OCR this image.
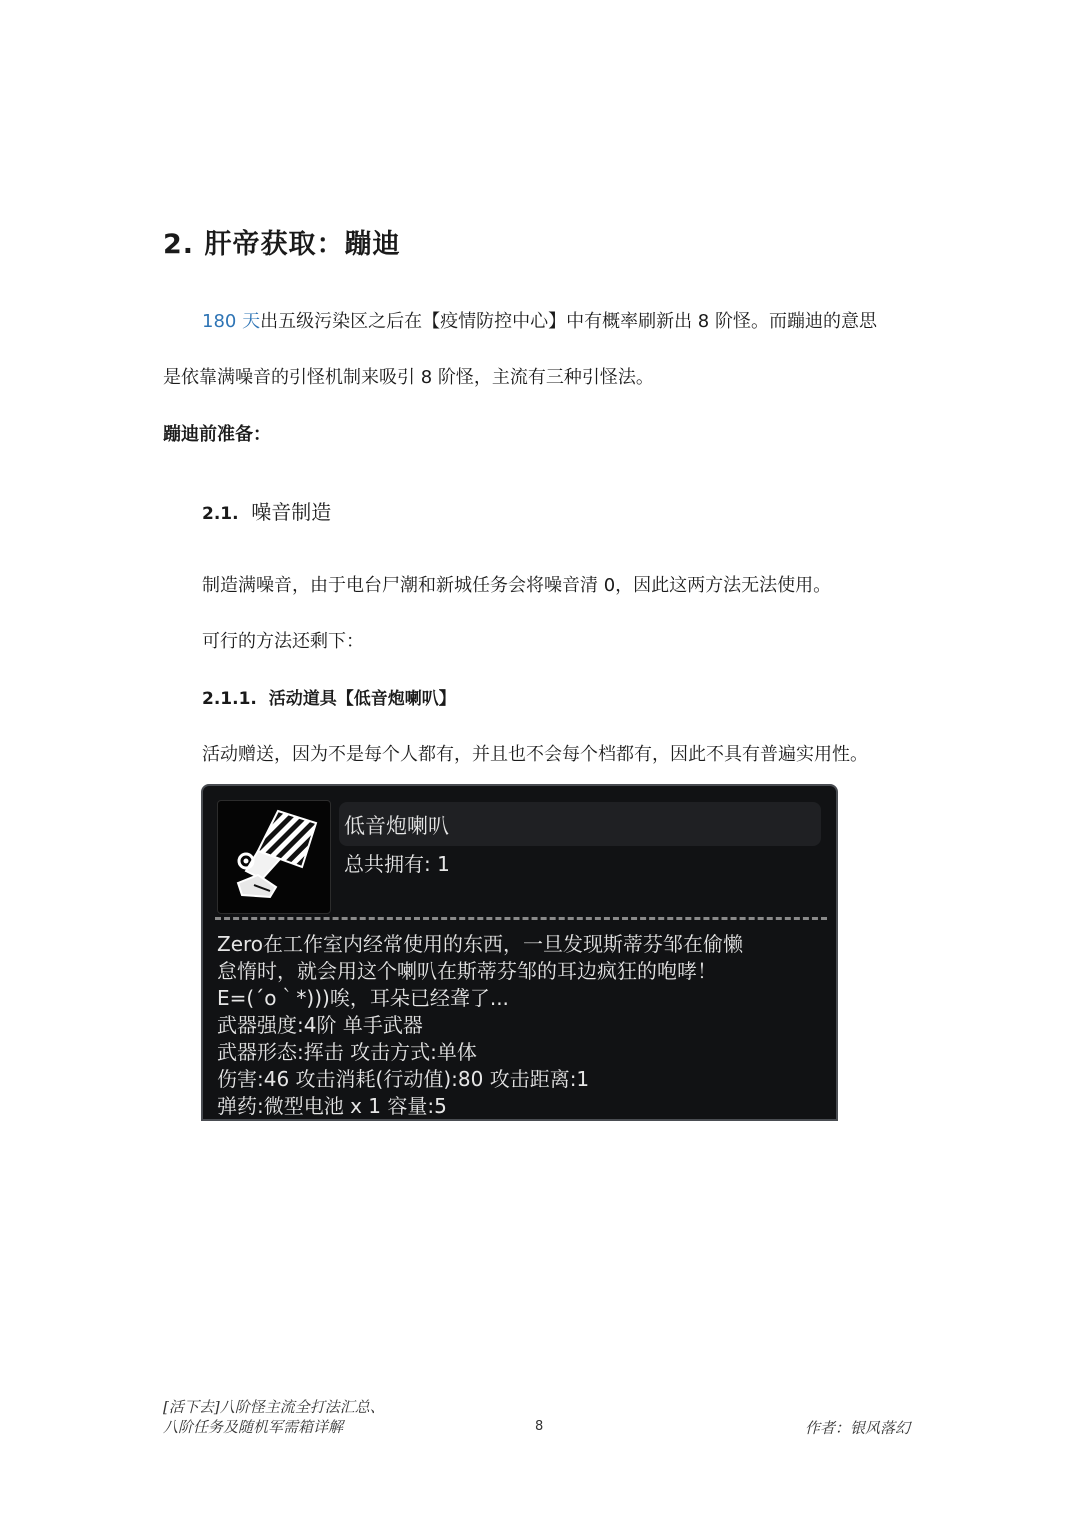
2. 肝帝获取：蹦迪
180 天出五级污染区之后在【疫情防控中心】中有概率刷新出 8 阶怪。而蹦迪的意思
是依靠满噪音的引怪机制来吸引 8 阶怪，主流有三种引怪法。
蹦迪前准备：
2.1. 噪音制造
制造满噪音，由于电台尸潮和新城任务会将噪音清 0，因此这两方法无法使用。
可行的方法还剩下：
2.1.1. 活动道具【低音炮喇叭】
活动赠送，因为不是每个人都有，并且也不会每个档都有，因此不具有普遍实用性。
低音炮喇叭
总共拥有: 1
Zero在工作室内经常使用的东西，一旦发现斯蒂芬邹在偷懒
怠惰时，就会用这个喇叭在斯蒂芬邹的耳边疯狂的咆哮！
E=(´o｀*)))唉，耳朵已经聋了...
武器强度:4阶 单手武器
武器形态:挥击 攻击方式:单体
伤害:46 攻击消耗(行动值):80 攻击距离:1
弹药:微型电池 x 1 容量:5
[活下去]八阶怪主流全打法汇总、
八阶任务及随机军需箱详解	8	作者：银风落幻
